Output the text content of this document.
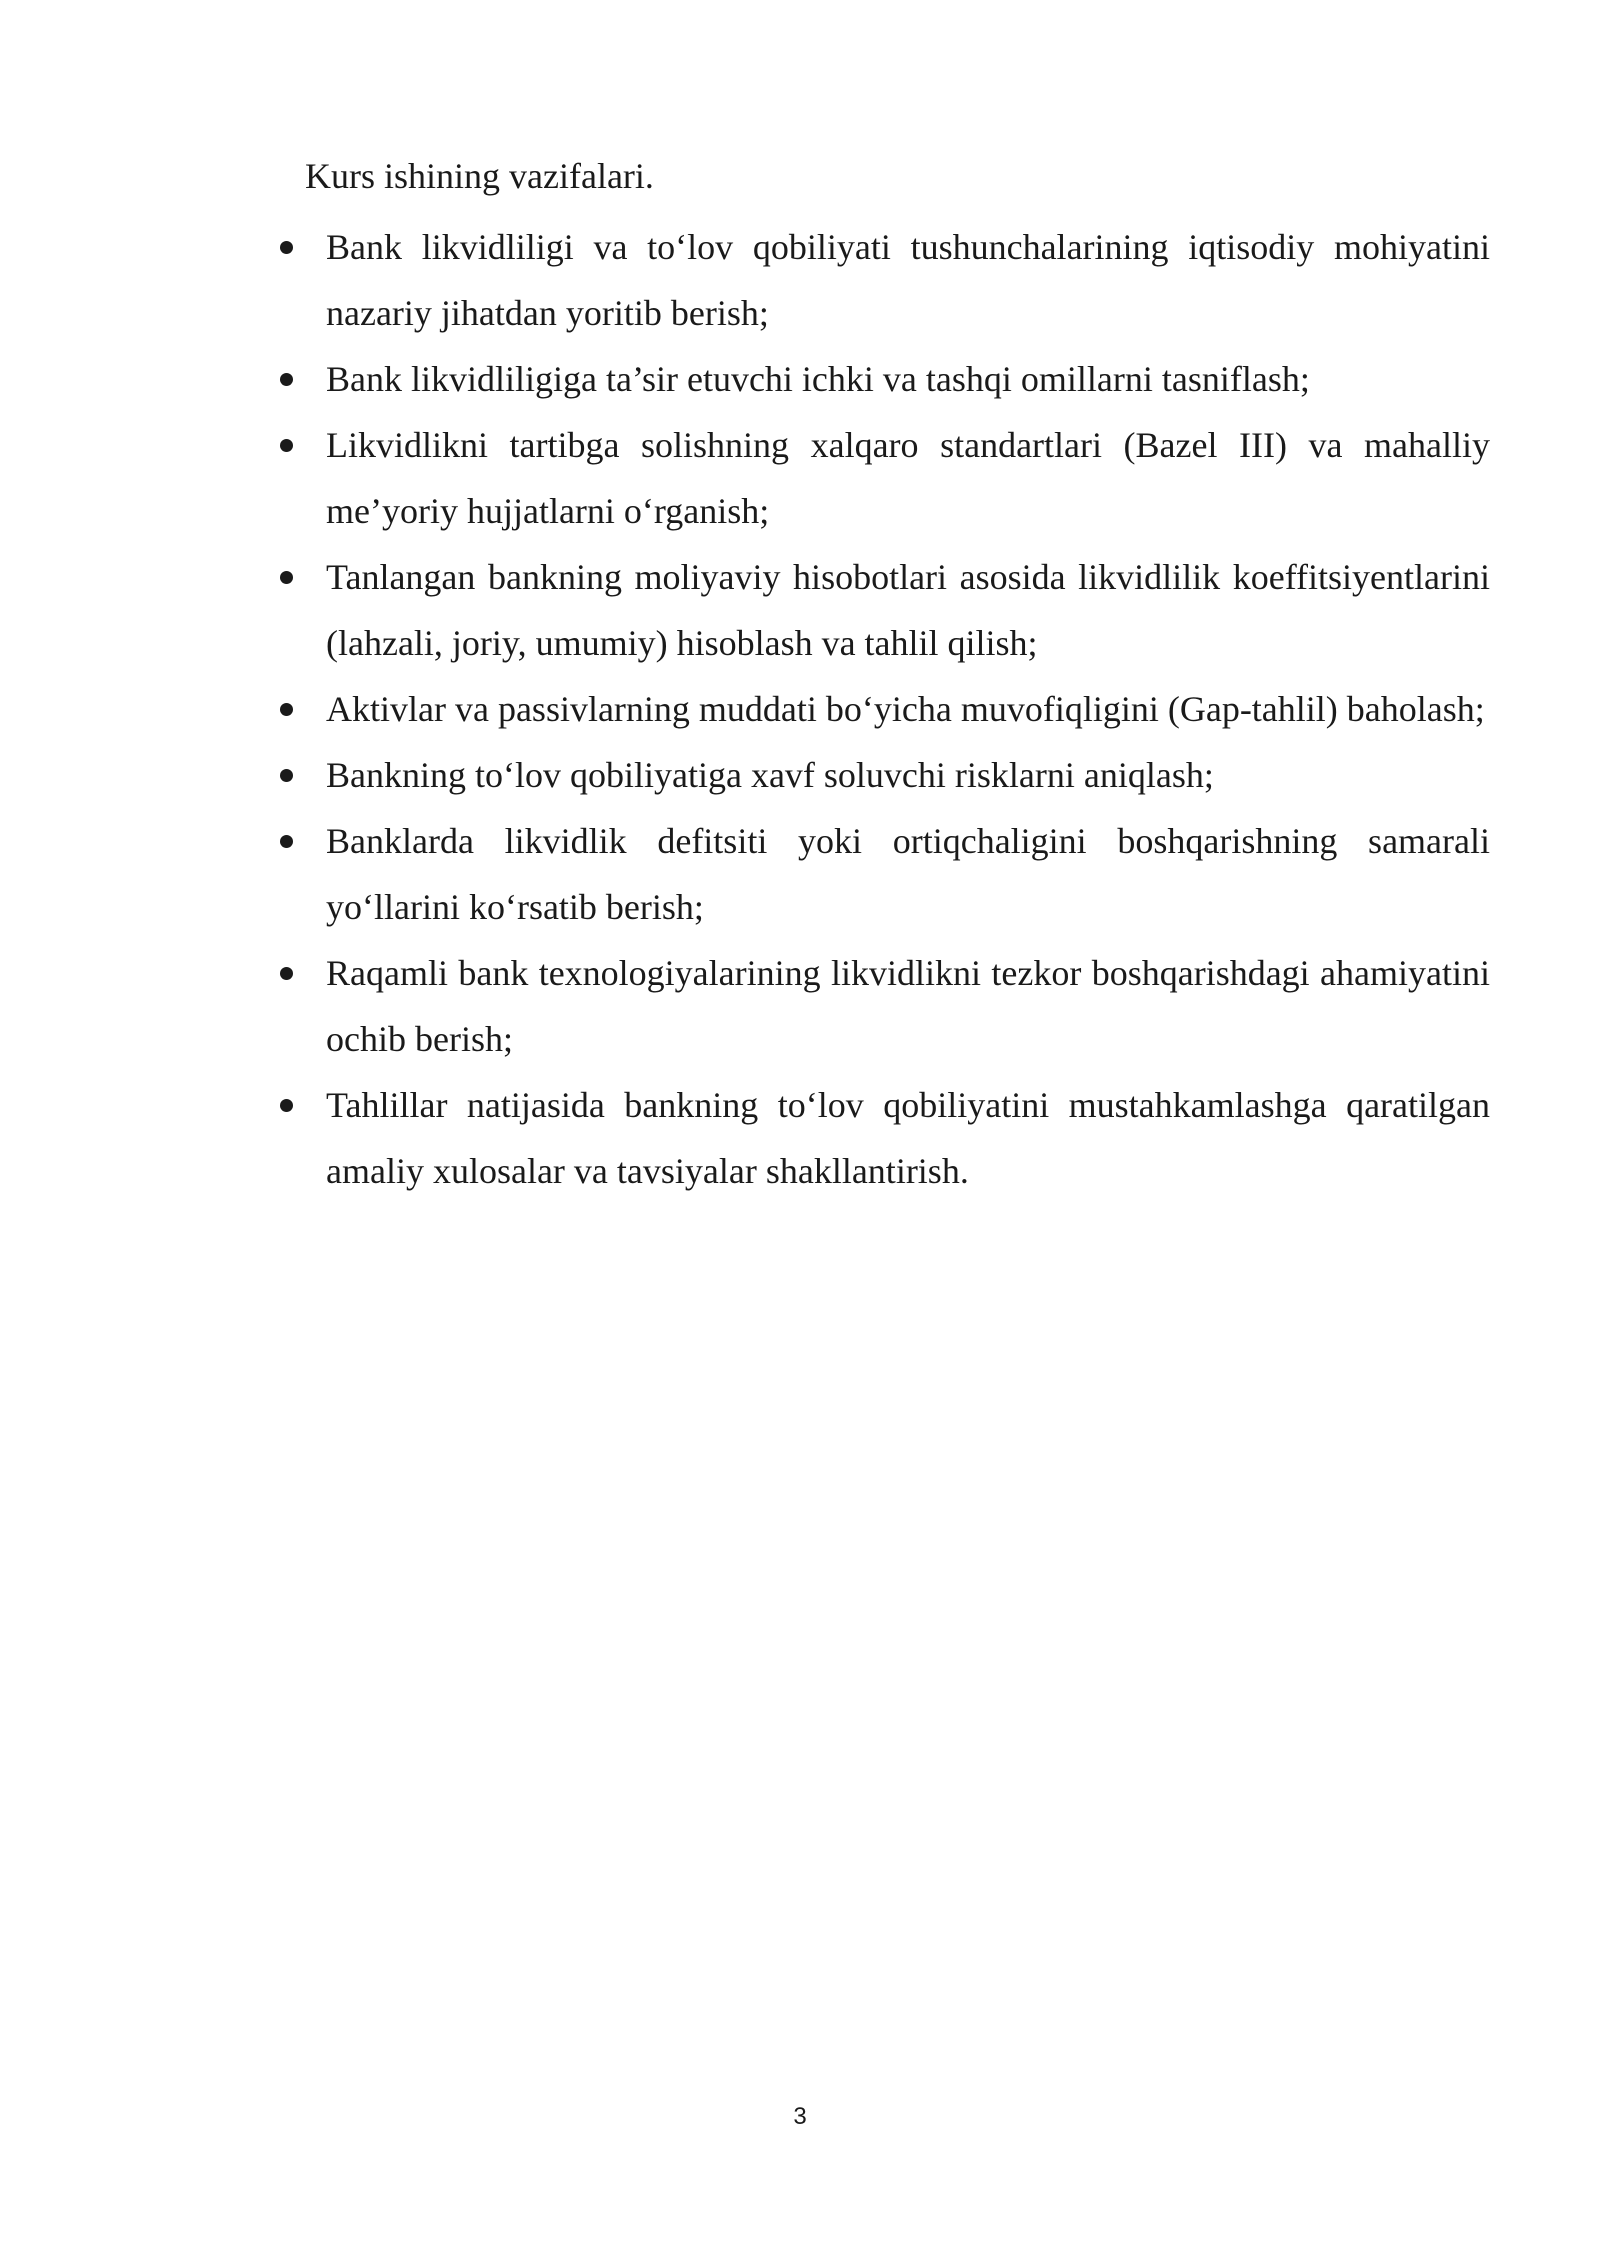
Kurs ishining vazifalari.
Bank likvidliligi va to‘lov qobiliyati tushunchalarining iqtisodiy mohiyatini nazariy jihatdan yoritib berish;
Bank likvidliligiga ta’sir etuvchi ichki va tashqi omillarni tasniflash;
Likvidlikni tartibga solishning xalqaro standartlari (Bazel III) va mahalliy me’yoriy hujjatlarni o‘rganish;
Tanlangan bankning moliyaviy hisobotlari asosida likvidlilik koeffitsiyentlarini (lahzali, joriy, umumiy) hisoblash va tahlil qilish;
Aktivlar va passivlarning muddati bo‘yicha muvofiqligini (Gap-tahlil) baholash;
Bankning to‘lov qobiliyatiga xavf soluvchi risklarni aniqlash;
Banklarda likvidlik defitsiti yoki ortiqchaligini boshqarishning samarali yo‘llarini ko‘rsatib berish;
Raqamli bank texnologiyalarining likvidlikni tezkor boshqarishdagi ahamiyatini ochib berish;
Tahlillar natijasida bankning to‘lov qobiliyatini mustahkamlashga qaratilgan amaliy xulosalar va tavsiyalar shakllantirish.
3
